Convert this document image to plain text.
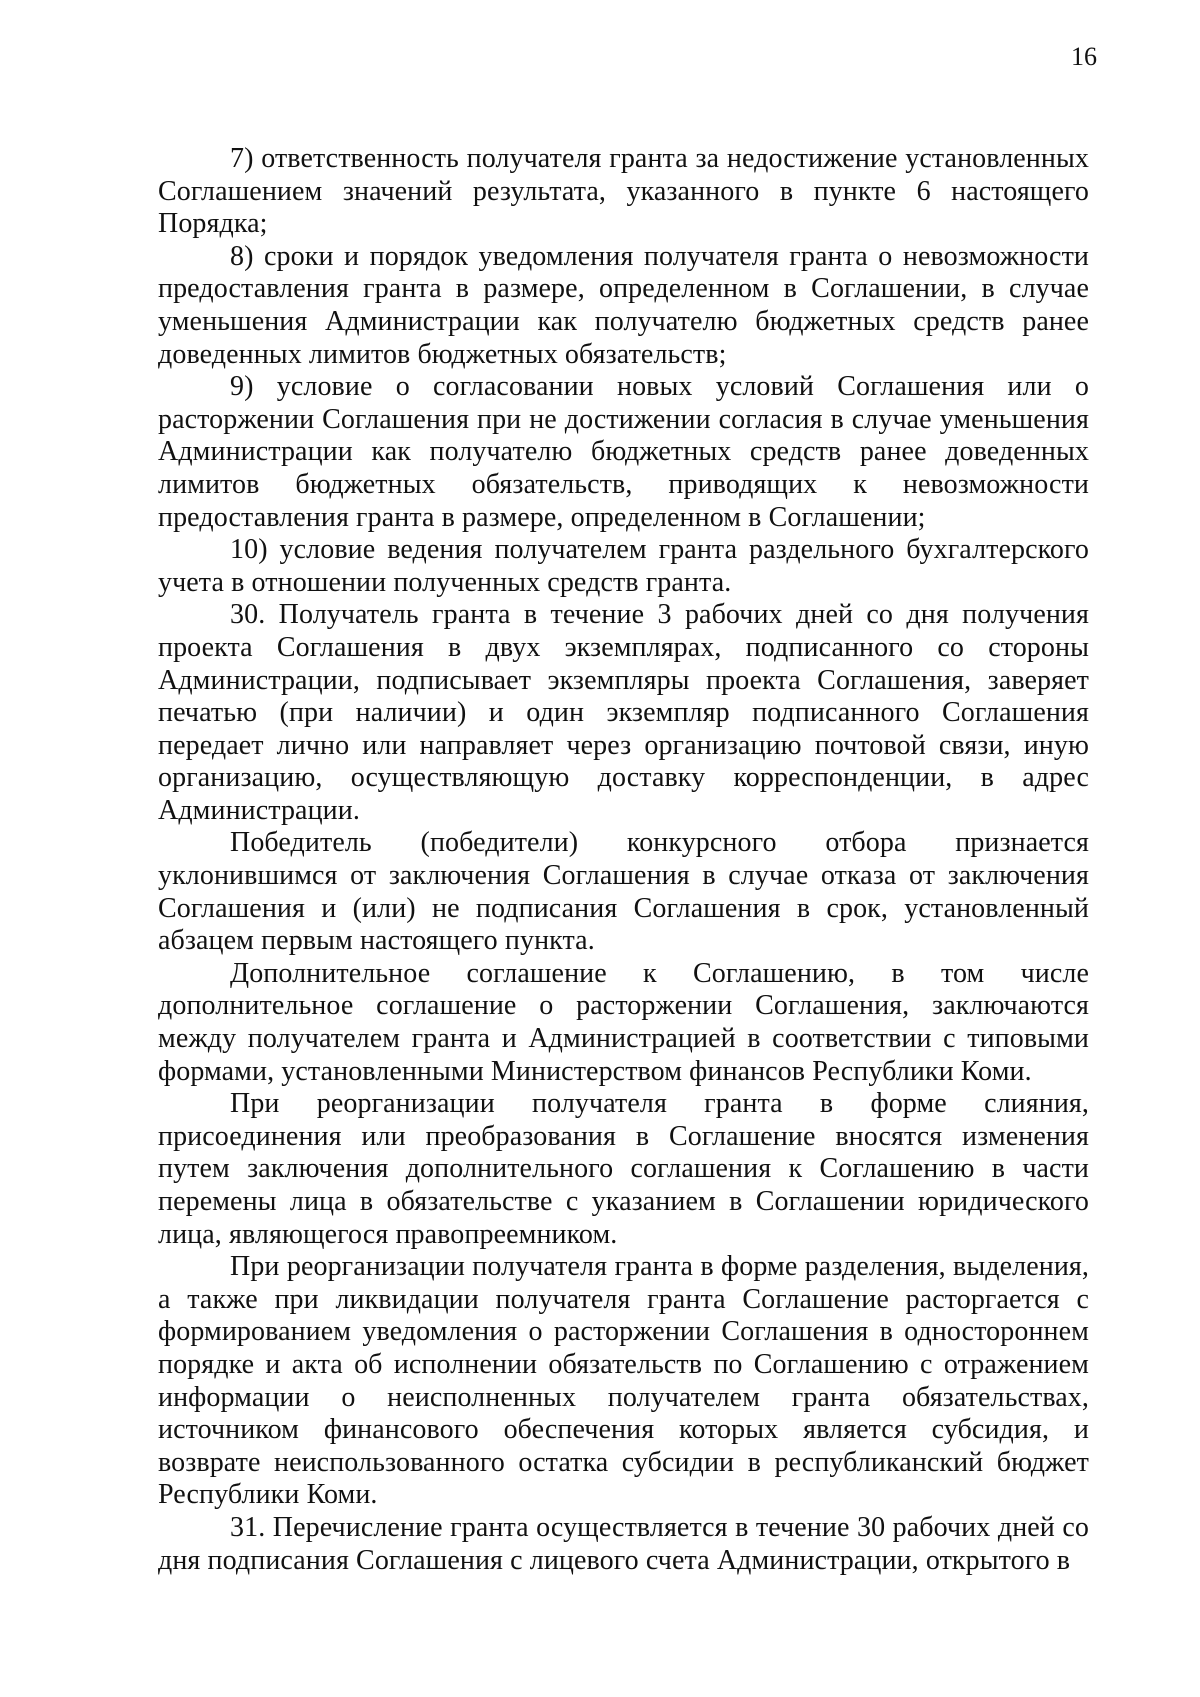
16

7) ответственность получателя гранта за недостижение установленных Соглашением значений результата, указанного в пункте 6 настоящего Порядка;

8) сроки и порядок уведомления получателя гранта о невозможности предоставления гранта в размере, определенном в Соглашении, в случае уменьшения Администрации как получателю бюджетных средств ранее доведенных лимитов бюджетных обязательств;

9) условие о согласовании новых условий Соглашения или о расторжении Соглашения при не достижении согласия в случае уменьшения Администрации как получателю бюджетных средств ранее доведенных лимитов бюджетных обязательств, приводящих к невозможности предоставления гранта в размере, определенном в Соглашении;

10) условие ведения получателем гранта раздельного бухгалтерского учета в отношении полученных средств гранта.

30. Получатель гранта в течение 3 рабочих дней со дня получения проекта Соглашения в двух экземплярах, подписанного со стороны Администрации, подписывает экземпляры проекта Соглашения, заверяет печатью (при наличии) и один экземпляр подписанного Соглашения передает лично или направляет через организацию почтовой связи, иную организацию, осуществляющую доставку корреспонденции, в адрес Администрации.

Победитель (победители) конкурсного отбора признается уклонившимся от заключения Соглашения в случае отказа от заключения Соглашения и (или) не подписания Соглашения в срок, установленный абзацем первым настоящего пункта.

Дополнительное соглашение к Соглашению, в том числе дополнительное соглашение о расторжении Соглашения, заключаются между получателем гранта и Администрацией в соответствии с типовыми формами, установленными Министерством финансов Республики Коми.

При реорганизации получателя гранта в форме слияния, присоединения или преобразования в Соглашение вносятся изменения путем заключения дополнительного соглашения к Соглашению в части перемены лица в обязательстве с указанием в Соглашении юридического лица, являющегося правопреемником.

При реорганизации получателя гранта в форме разделения, выделения, а также при ликвидации получателя гранта Соглашение расторгается с формированием уведомления о расторжении Соглашения в одностороннем порядке и акта об исполнении обязательств по Соглашению с отражением информации о неисполненных получателем гранта обязательствах, источником финансового обеспечения которых является субсидия, и возврате неиспользованного остатка субсидии в республиканский бюджет Республики Коми.

31. Перечисление гранта осуществляется в течение 30 рабочих дней со дня подписания Соглашения с лицевого счета Администрации, открытого в
